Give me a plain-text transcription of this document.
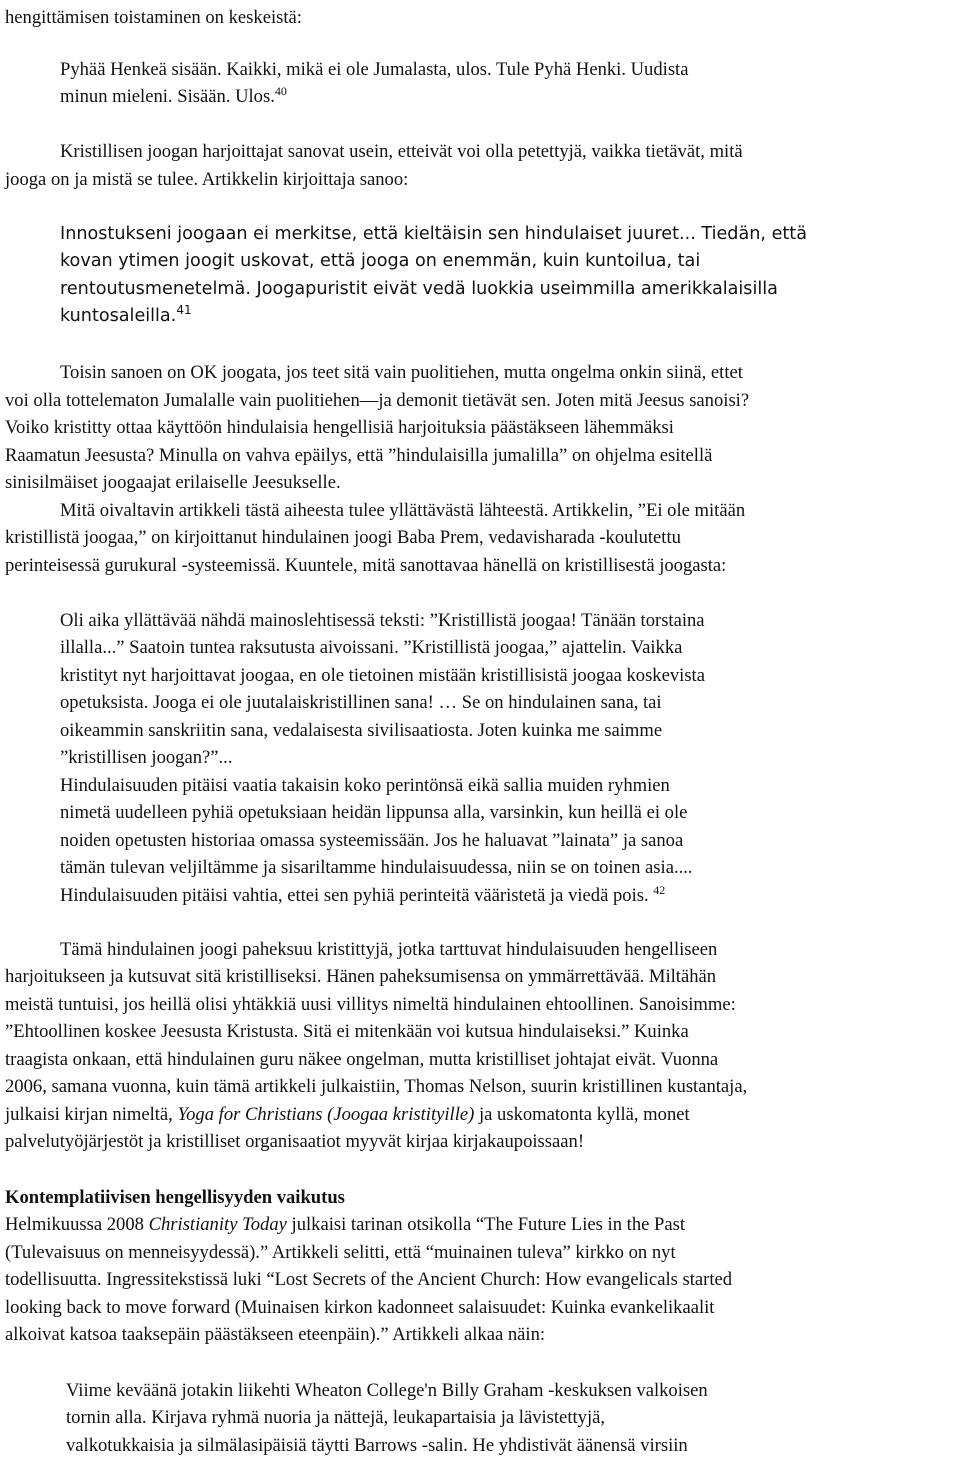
hengittämisen toistaminen on keskeistä:
Pyhää Henkeä sisään. Kaikki, mikä ei ole Jumalasta, ulos. Tule Pyhä Henki. Uudista
minun mieleni. Sisään. Ulos.$^{40}$
Kristillisen joogan harjoittajat sanovat usein, etteivät voi olla petettyjä, vaikka tietävät, mitä
jooga on ja mistä se tulee. Artikkelin kirjoittaja sanoo:
Innostukseni joogaan ei merkitse, että kieltäisin sen hindulaiset juuret... Tiedän, että
kovan ytimen joogit uskovat, että jooga on enemmän, kuin kuntoilua, tai
rentoutusmenetelmä. Joogapuristit eivät vedä luokkia useimmilla amerikkalaisilla
kuntosaleilla.$^{41}$
Toisin sanoen on OK joogata, jos teet sitä vain puolitiehen, mutta ongelma onkin siinä, ettet
voi olla tottelematon Jumalalle vain puolitiehen—ja demonit tietävät sen. Joten mitä Jeesus sanoisi?
Voiko kristitty ottaa käyttöön hindulaisia hengellisiä harjoituksia päästäkseen lähemmäksi
Raamatun Jeesusta? Minulla on vahva epäilys, että ”hindulaisilla jumalilla” on ohjelma esitellä
sinisilmäiset joogaajat erilaiselle Jeesukselle.
Mitä oivaltavin artikkeli tästä aiheesta tulee yllättävästä lähteestä. Artikkelin, ”Ei ole mitään
kristillistä joogaa,” on kirjoittanut hindulainen joogi Baba Prem, vedavisharada -koulutettu
perinteisessä gurukural -systeemissä. Kuuntele, mitä sanottavaa hänellä on kristillisestä joogasta:
Oli aika yllättävää nähdä mainoslehtisessä teksti: ”Kristillistä joogaa! Tänään torstaina
illalla...” Saatoin tuntea raksutusta aivoissani. ”Kristillistä joogaa,” ajattelin. Vaikka
kristityt nyt harjoittavat joogaa, en ole tietoinen mistään kristillisistä joogaa koskevista
opetuksista. Jooga ei ole juutalaiskristillinen sana! … Se on hindulainen sana, tai
oikeammin sanskriitin sana, vedalaisesta sivilisaatiosta. Joten kuinka me saimme
”kristillisen joogan?”...
Hindulaisuuden pitäisi vaatia takaisin koko perintönsä eikä sallia muiden ryhmien
nimetä uudelleen pyhiä opetuksiaan heidän lippunsa alla, varsinkin, kun heillä ei ole
noiden opetusten historiaa omassa systeemissään. Jos he haluavat ”lainata” ja sanoa
tämän tulevan veljiltämme ja sisariltamme hindulaisuudessa, niin se on toinen asia....
Hindulaisuuden pitäisi vahtia, ettei sen pyhiä perinteitä vääristetä ja viedä pois. $^{42}$
Tämä hindulainen joogi paheksuu kristittyjä, jotka tarttuvat hindulaisuuden hengelliseen
harjoitukseen ja kutsuvat sitä kristilliseksi. Hänen paheksumisensa on ymmärrettävää. Miltähän
meistä tuntuisi, jos heillä olisi yhtäkkiä uusi villitys nimeltä hindulainen ehtoollinen. Sanoisimme:
”Ehtoollinen koskee Jeesusta Kristusta. Sitä ei mitenkään voi kutsua hindulaiseksi.” Kuinka
traagista onkaan, että hindulainen guru näkee ongelman, mutta kristilliset johtajat eivät. Vuonna
2006, samana vuonna, kuin tämä artikkeli julkaistiin, Thomas Nelson, suurin kristillinen kustantaja,
julkaisi kirjan nimeltä, Yoga for Christians (Joogaa kristityille) ja uskomatonta kyllä, monet
palvelutyöjärjestöt ja kristilliset organisaatiot myyvät kirjaa kirjakaupoissaan!
Kontemplatiivisen hengellisyyden vaikutus
Helmikuussa 2008 Christianity Today julkaisi tarinan otsikolla “The Future Lies in the Past
(Tulevaisuus on menneisyydessä).” Artikkeli selitti, että “muinainen tuleva” kirkko on nyt
todellisuutta. Ingressitekstissä luki “Lost Secrets of the Ancient Church: How evangelicals started
looking back to move forward (Muinaisen kirkon kadonneet salaisuudet: Kuinka evankelikaalit
alkoivat katsoa taaksepäin päästäkseen eteenpäin).” Artikkeli alkaa näin:
Viime keväänä jotakin liikehti Wheaton College'n Billy Graham -keskuksen valkoisen
tornin alla. Kirjava ryhmä nuoria ja nättejä, leukapartaisia ja lävistettyjä,
valkotukkaisia ja silmälasipäisiä täytti Barrows -salin. He yhdistivät äänensä virsiin
